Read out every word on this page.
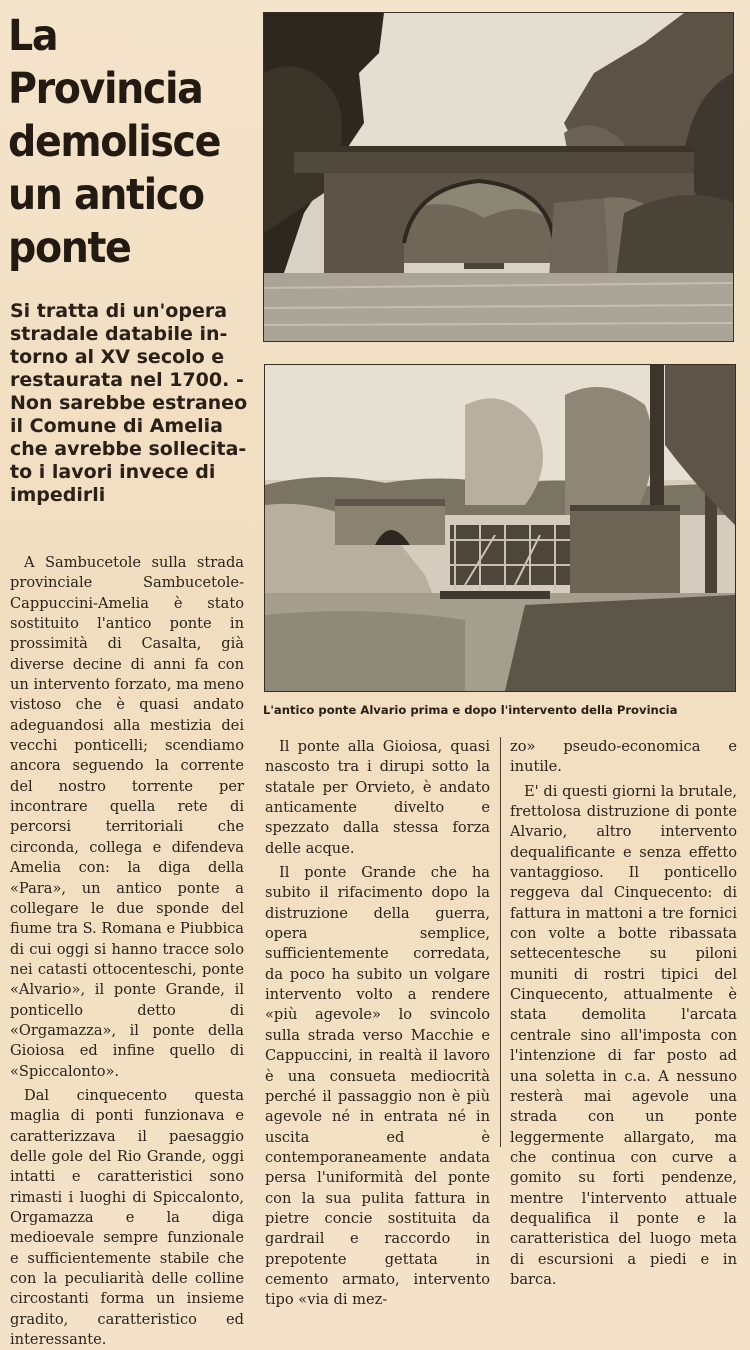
La
Provincia
demolisce
un antico
ponte
Si tratta di un'opera
stradale databile in-
torno al XV secolo e
restaurata nel 1700. -
Non sarebbe estraneo
il Comune di Amelia
che avrebbe sollecita-
to i lavori invece di
impedirli
L'antico ponte Alvario prima e dopo l'intervento della Provincia

A Sambucetole sulla strada provinciale Sambucetole-Cappuccini-Amelia è stato sostituito l'antico ponte in prossimità di Casalta, già diverse decine di anni fa con un intervento forzato, ma meno vistoso che è quasi andato adeguandosi alla mestizia dei vecchi ponticelli; scendiamo ancora seguendo la corrente del nostro torrente per incontrare quella rete di percorsi territoriali che circonda, collega e difendeva Amelia con: la diga della «Para», un antico ponte a collegare le due sponde del fiume tra S. Romana e Piubbica di cui oggi si hanno tracce solo nei catasti ottocenteschi, ponte «Alvario», il ponte Grande, il ponticello detto di «Orgamazza», il ponte della Gioiosa ed infine quello di «Spiccalonto».

Dal cinquecento questa maglia di ponti funzionava e caratterizzava il paesaggio delle gole del Rio Grande, oggi intatti e caratteristici sono rimasti i luoghi di Spiccalonto, Orgamazza e la diga medioevale sempre funzionale e sufficientemente stabile che con la peculiarità delle colline circostanti forma un insieme gradito, caratteristico ed interessante.

Il ponte alla Gioiosa, quasi nascosto tra i dirupi sotto la statale per Orvieto, è andato anticamente divelto e spezzato dalla stessa forza delle acque.

Il ponte Grande che ha subito il rifacimento dopo la distruzione della guerra, opera semplice, sufficientemente corredata, da poco ha subito un volgare intervento volto a rendere «più agevole» lo svincolo sulla strada verso Macchie e Cappuccini, in realtà il lavoro è una consueta mediocrità perché il passaggio non è più agevole né in entrata né in uscita ed è contemporaneamente andata persa l'uniformità del ponte con la sua pulita fattura in pietre concie sostituita da gardrail e raccordo in prepotente gettata in cemento armato, intervento tipo «via di mez-

zo» pseudo-economica e inutile.

E' di questi giorni la brutale, frettolosa distruzione di ponte Alvario, altro intervento dequalificante e senza effetto vantaggioso. Il ponticello reggeva dal Cinquecento: di fattura in mattoni a tre fornici con volte a botte ribassata settecentesche su piloni muniti di rostri tipici del Cinquecento, attualmente è stata demolita l'arcata centrale sino all'imposta con l'intenzione di far posto ad una soletta in c.a. A nessuno resterà mai agevole una strada con un ponte leggermente allargato, ma che continua con curve a gomito su forti pendenze, mentre l'intervento attuale dequalifica il ponte e la caratteristica del luogo meta di escursioni a piedi e in barca.
